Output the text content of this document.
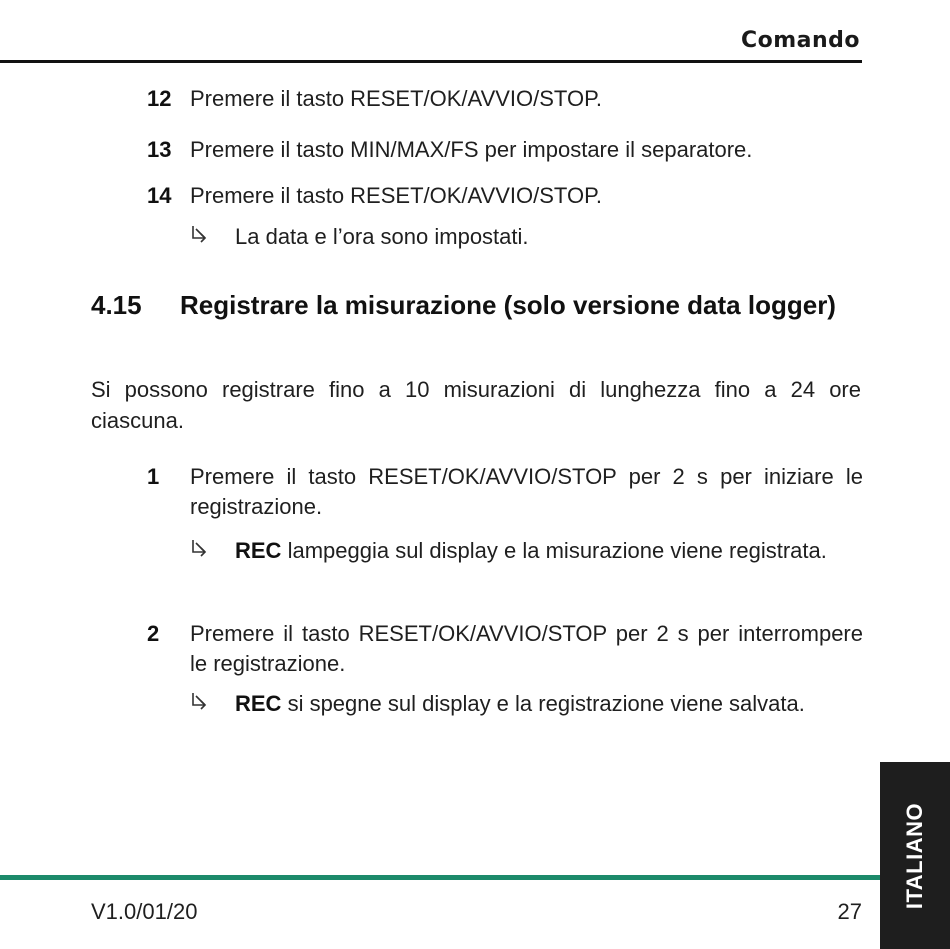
Comando
12 Premere il tasto RESET/OK/AVVIO/STOP.
13 Premere il tasto MIN/MAX/FS per impostare il separatore.
14 Premere il tasto RESET/OK/AVVIO/STOP.
La data e l’ora sono impostati.
4.15 Registrare la misurazione (solo versione data logger)
Si possono registrare fino a 10 misurazioni di lunghezza fino a 24 ore ciascuna.
1 Premere il tasto RESET/OK/AVVIO/STOP per 2 s per iniziare le registrazione.
REC lampeggia sul display e la misurazione viene registrata.
2 Premere il tasto RESET/OK/AVVIO/STOP per 2 s per interrompere le registrazione.
REC si spegne sul display e la registrazione viene salvata.
V1.0/01/20	27
ITALIANO
